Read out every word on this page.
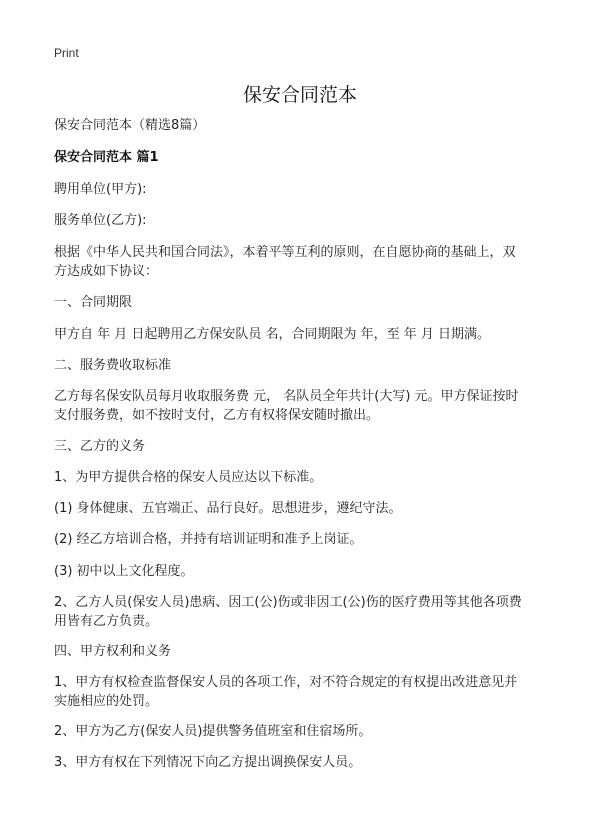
Print
保安合同范本
保安合同范本（精选8篇）
保安合同范本 篇1
聘用单位(甲方):
服务单位(乙方):
根据《中华人民共和国合同法》，本着平等互利的原则，在自愿协商的基础上，双
方达成如下协议：
一、合同期限
甲方自 年 月 日起聘用乙方保安队员 名，合同期限为 年，至 年 月 日期满。
二、服务费收取标准
乙方每名保安队员每月收取服务费 元， 名队员全年共计(大写) 元。甲方保证按时
支付服务费，如不按时支付，乙方有权将保安随时撤出。
三、乙方的义务
1、为甲方提供合格的保安人员应达以下标准。
(1) 身体健康、五官端正、品行良好。思想进步，遵纪守法。
(2) 经乙方培训合格，并持有培训证明和准予上岗证。
(3) 初中以上文化程度。
2、乙方人员(保安人员)患病、因工(公)伤或非因工(公)伤的医疗费用等其他各项费
用皆有乙方负责。
四、甲方权利和义务
1、甲方有权检查监督保安人员的各项工作，对不符合规定的有权提出改进意见并
实施相应的处罚。
2、甲方为乙方(保安人员)提供警务值班室和住宿场所。
3、甲方有权在下列情况下向乙方提出调换保安人员。
